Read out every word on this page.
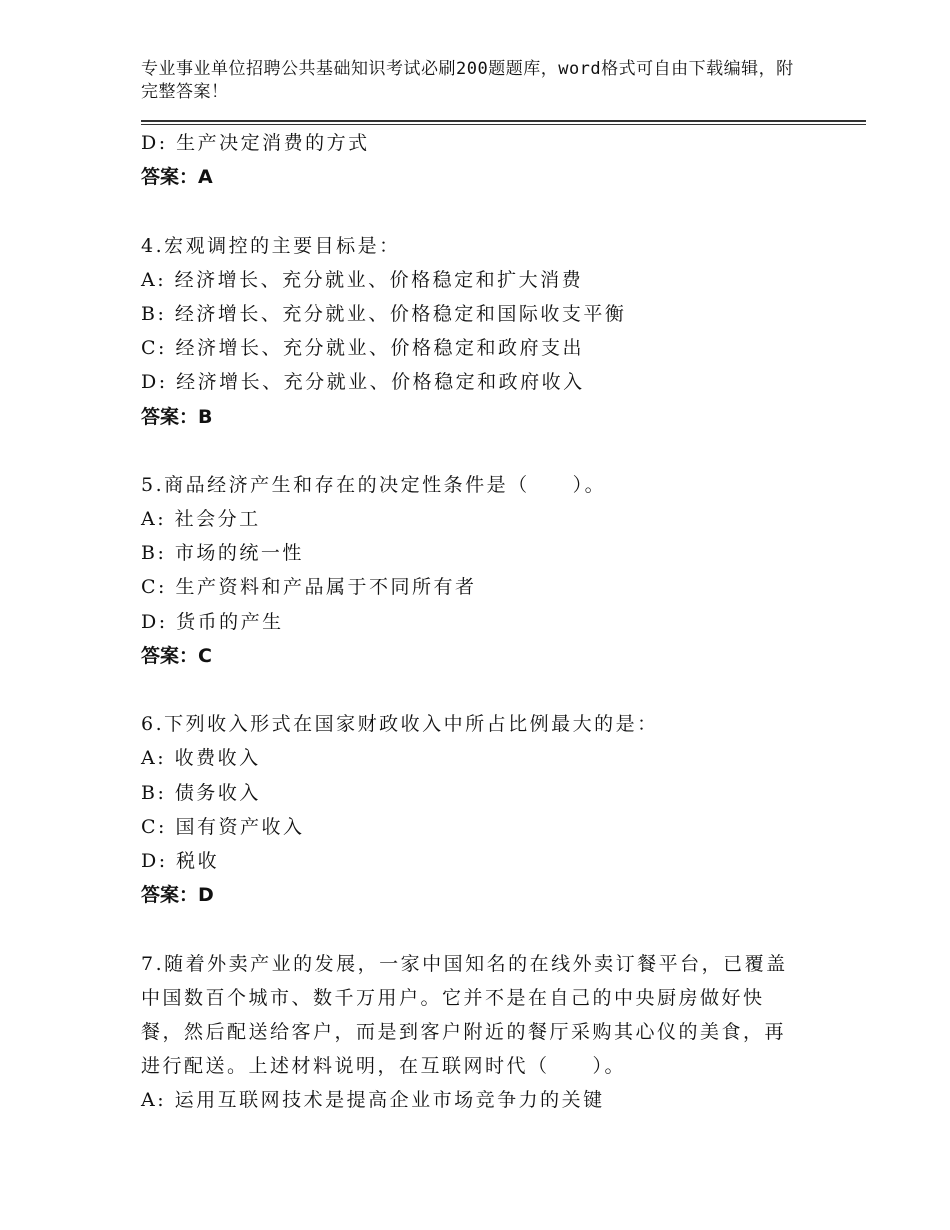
专业事业单位招聘公共基础知识考试必刷200题题库，word格式可自由下载编辑，附完整答案！
D: 生产决定消费的方式
答案：A
4.宏观调控的主要目标是：
A: 经济增长、充分就业、价格稳定和扩大消费
B: 经济增长、充分就业、价格稳定和国际收支平衡
C: 经济增长、充分就业、价格稳定和政府支出
D: 经济增长、充分就业、价格稳定和政府收入
答案：B
5.商品经济产生和存在的决定性条件是（　　）。
A: 社会分工
B: 市场的统一性
C: 生产资料和产品属于不同所有者
D: 货币的产生
答案：C
6.下列收入形式在国家财政收入中所占比例最大的是：
A: 收费收入
B: 债务收入
C: 国有资产收入
D: 税收
答案：D
7.随着外卖产业的发展，一家中国知名的在线外卖订餐平台，已覆盖中国数百个城市、数千万用户。它并不是在自己的中央厨房做好快餐，然后配送给客户，而是到客户附近的餐厅采购其心仪的美食，再进行配送。上述材料说明，在互联网时代（　　）。
A: 运用互联网技术是提高企业市场竞争力的关键
